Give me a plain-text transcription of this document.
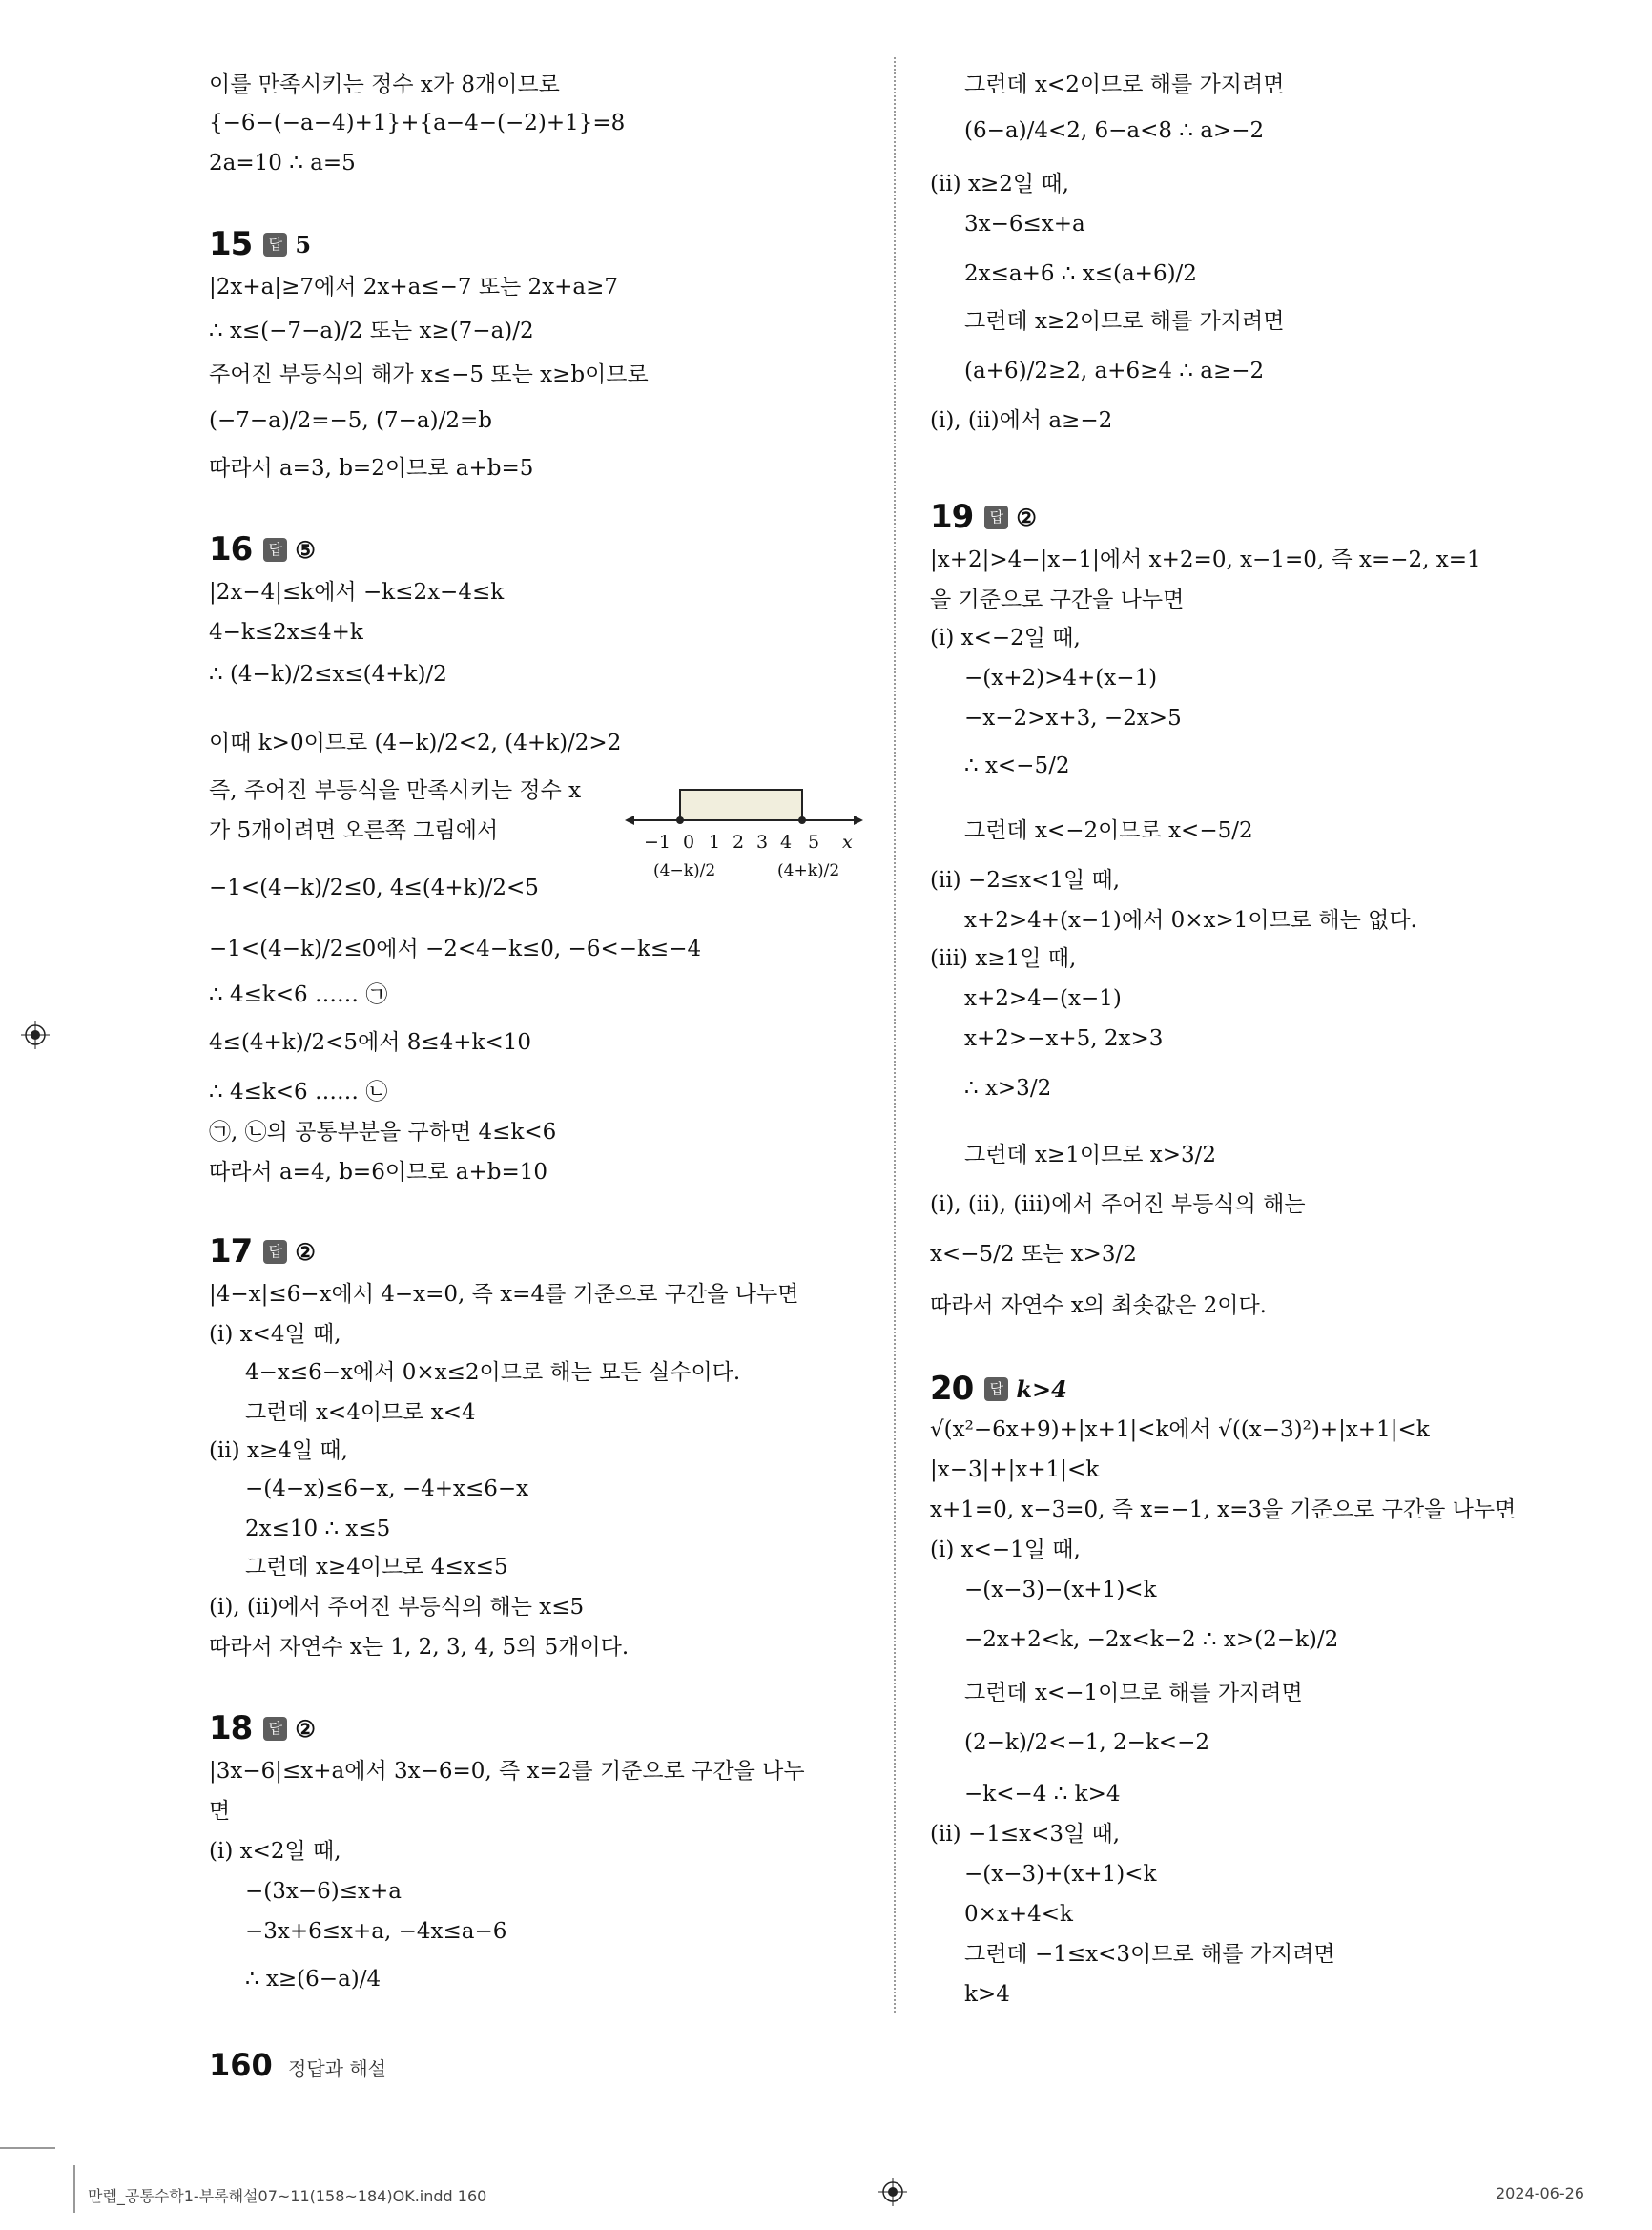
이를 만족시키는 정수 x가 8개이므로
{−6−(−a−4)+1}+{a−4−(−2)+1}=8
2a=10 ∴ a=5
15	답 5
|2x+a|≥7에서 2x+a≤−7 또는 2x+a≥7
∴ x≤(−7−a)/2 또는 x≥(7−a)/2
주어진 부등식의 해가 x≤−5 또는 x≥b이므로
(−7−a)/2=−5, (7−a)/2=b
따라서 a=3, b=2이므로 a+b=5
16	답 ⑤
|2x−4|≤k에서 −k≤2x−4≤k
4−k≤2x≤4+k
∴ (4−k)/2≤x≤(4+k)/2
이때 k>0이므로 (4−k)/2<2, (4+k)/2>2
즉, 주어진 부등식을 만족시키는 정수 x
가 5개이려면 오른쪽 그림에서
−1<(4−k)/2≤0, 4≤(4+k)/2<5
−1<(4−k)/2≤0에서 −2<4−k≤0, −6<−k≤−4
∴ 4≤k<6 …… ㉠
4≤(4+k)/2<5에서 8≤4+k<10
∴ 4≤k<6 …… ㉡
㉠, ㉡의 공통부분을 구하면 4≤k<6
따라서 a=4, b=6이므로 a+b=10
17	답 ②
|4−x|≤6−x에서 4−x=0, 즉 x=4를 기준으로 구간을 나누면
(ⅰ) x<4일 때,
4−x≤6−x에서 0×x≤2이므로 해는 모든 실수이다.
그런데 x<4이므로 x<4
(ⅱ) x≥4일 때,
−(4−x)≤6−x, −4+x≤6−x
2x≤10 ∴ x≤5
그런데 x≥4이므로 4≤x≤5
(ⅰ), (ⅱ)에서 주어진 부등식의 해는 x≤5
따라서 자연수 x는 1, 2, 3, 4, 5의 5개이다.
18	답 ②
|3x−6|≤x+a에서 3x−6=0, 즉 x=2를 기준으로 구간을 나누
면
(ⅰ) x<2일 때,
−(3x−6)≤x+a
−3x+6≤x+a, −4x≤a−6
∴ x≥(6−a)/4
−1 0 1 2 3 4 5 x
(4−k)/2	(4+k)/2
그런데 x<2이므로 해를 가지려면
(6−a)/4<2, 6−a<8 ∴ a>−2
(ⅱ) x≥2일 때,
3x−6≤x+a
2x≤a+6 ∴ x≤(a+6)/2
그런데 x≥2이므로 해를 가지려면
(a+6)/2≥2, a+6≥4 ∴ a≥−2
(ⅰ), (ⅱ)에서 a≥−2
19	답 ②
|x+2|>4−|x−1|에서 x+2=0, x−1=0, 즉 x=−2, x=1
을 기준으로 구간을 나누면
(ⅰ) x<−2일 때,
−(x+2)>4+(x−1)
−x−2>x+3, −2x>5
∴ x<−5/2
그런데 x<−2이므로 x<−5/2
(ⅱ) −2≤x<1일 때,
x+2>4+(x−1)에서 0×x>1이므로 해는 없다.
(ⅲ) x≥1일 때,
x+2>4−(x−1)
x+2>−x+5, 2x>3
∴ x>3/2
그런데 x≥1이므로 x>3/2
(ⅰ), (ⅱ), (ⅲ)에서 주어진 부등식의 해는
x<−5/2 또는 x>3/2
따라서 자연수 x의 최솟값은 2이다.
20	답 k>4
√(x²−6x+9)+|x+1|<k에서 √((x−3)²)+|x+1|<k
|x−3|+|x+1|<k
x+1=0, x−3=0, 즉 x=−1, x=3을 기준으로 구간을 나누면
(ⅰ) x<−1일 때,
−(x−3)−(x+1)<k
−2x+2<k, −2x<k−2 ∴ x>(2−k)/2
그런데 x<−1이므로 해를 가지려면
(2−k)/2<−1, 2−k<−2
−k<−4 ∴ k>4
(ⅱ) −1≤x<3일 때,
−(x−3)+(x+1)<k
0×x+4<k
그런데 −1≤x<3이므로 해를 가지려면
k>4
160 정답과 해설
만렙_공통수학1-부록해설07~11(158~184)OK.indd 160	2024-06-26
